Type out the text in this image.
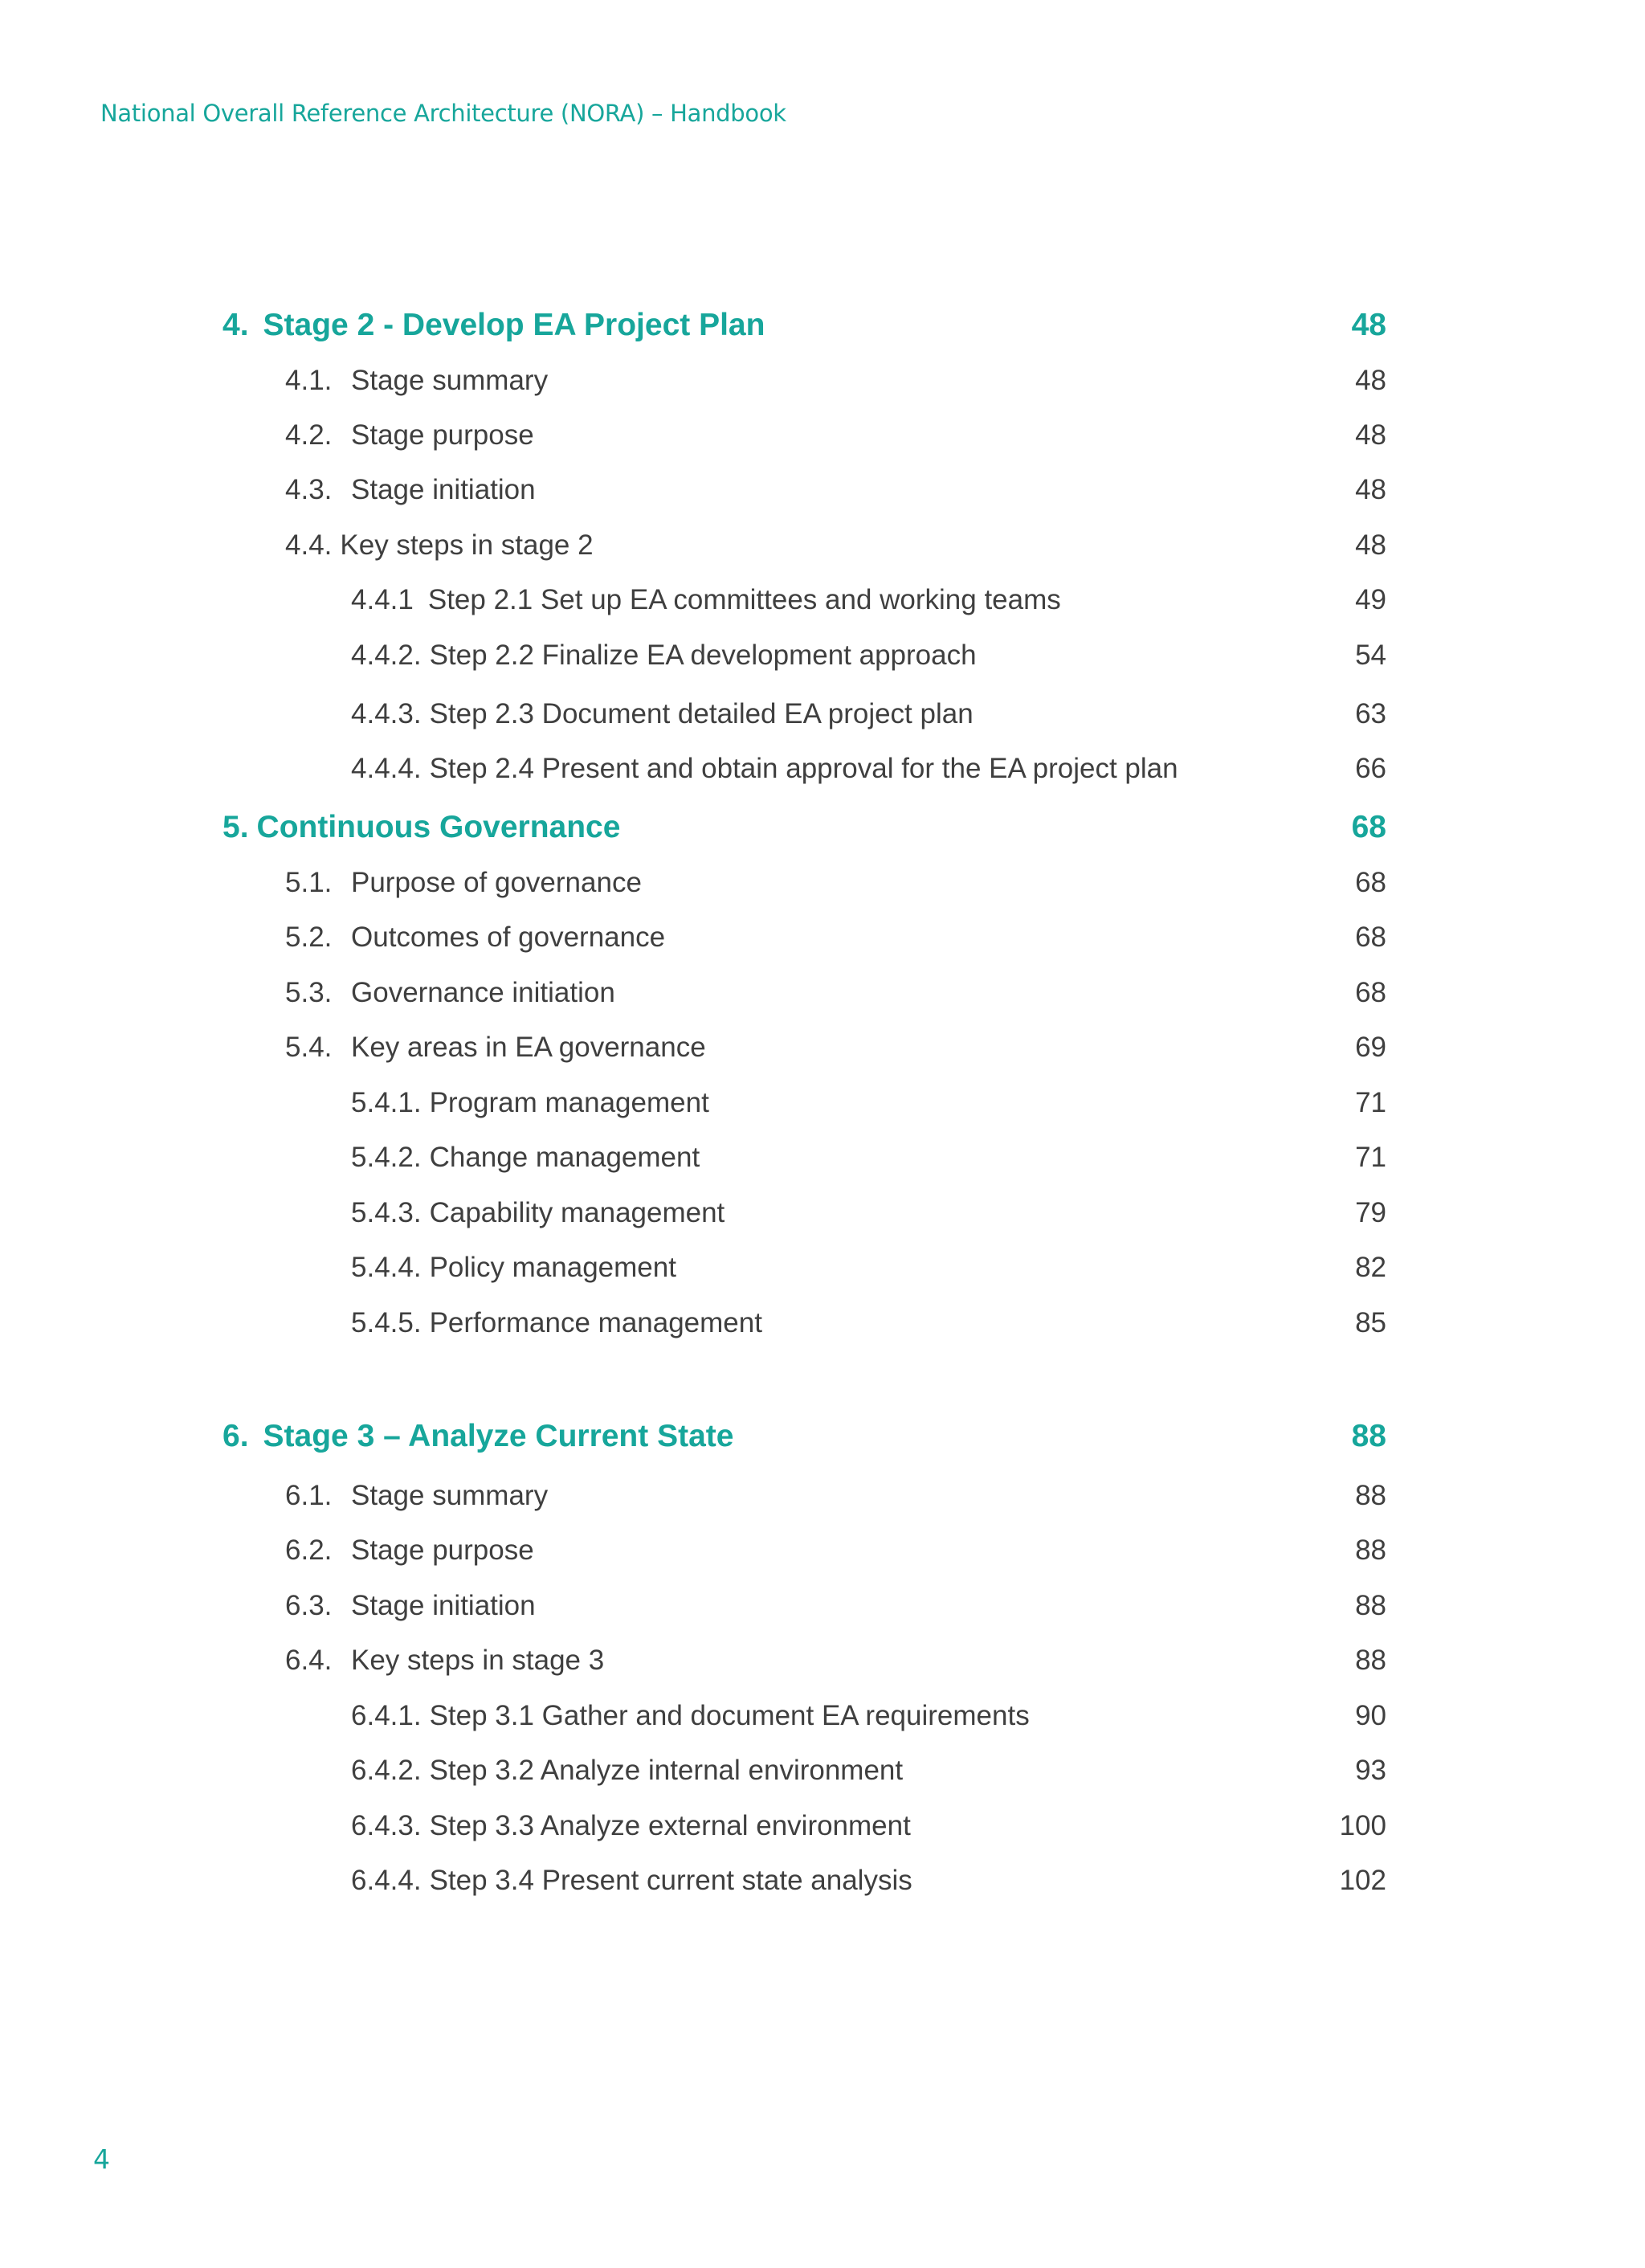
National Overall Reference Architecture (NORA) – Handbook
4. Stage 2 - Develop EA Project Plan	48
4.1. Stage summary	48
4.2. Stage purpose	48
4.3. Stage initiation	48
4.4. Key steps in stage 2	48
4.4.1 Step 2.1 Set up EA committees and working teams	49
4.4.2. Step 2.2 Finalize EA development approach	54
4.4.3. Step 2.3 Document detailed EA project plan	63
4.4.4. Step 2.4 Present and obtain approval for the EA project plan	66
5. Continuous Governance	68
5.1. Purpose of governance	68
5.2. Outcomes of governance	68
5.3. Governance initiation	68
5.4. Key areas in EA governance	69
5.4.1. Program management	71
5.4.2. Change management	71
5.4.3. Capability management	79
5.4.4. Policy management	82
5.4.5. Performance management	85
6. Stage 3 – Analyze Current State	88
6.1. Stage summary	88
6.2. Stage purpose	88
6.3. Stage initiation	88
6.4. Key steps in stage 3	88
6.4.1. Step 3.1 Gather and document EA requirements	90
6.4.2. Step 3.2 Analyze internal environment	93
6.4.3. Step 3.3 Analyze external environment	100
6.4.4. Step 3.4 Present current state analysis	102
4
